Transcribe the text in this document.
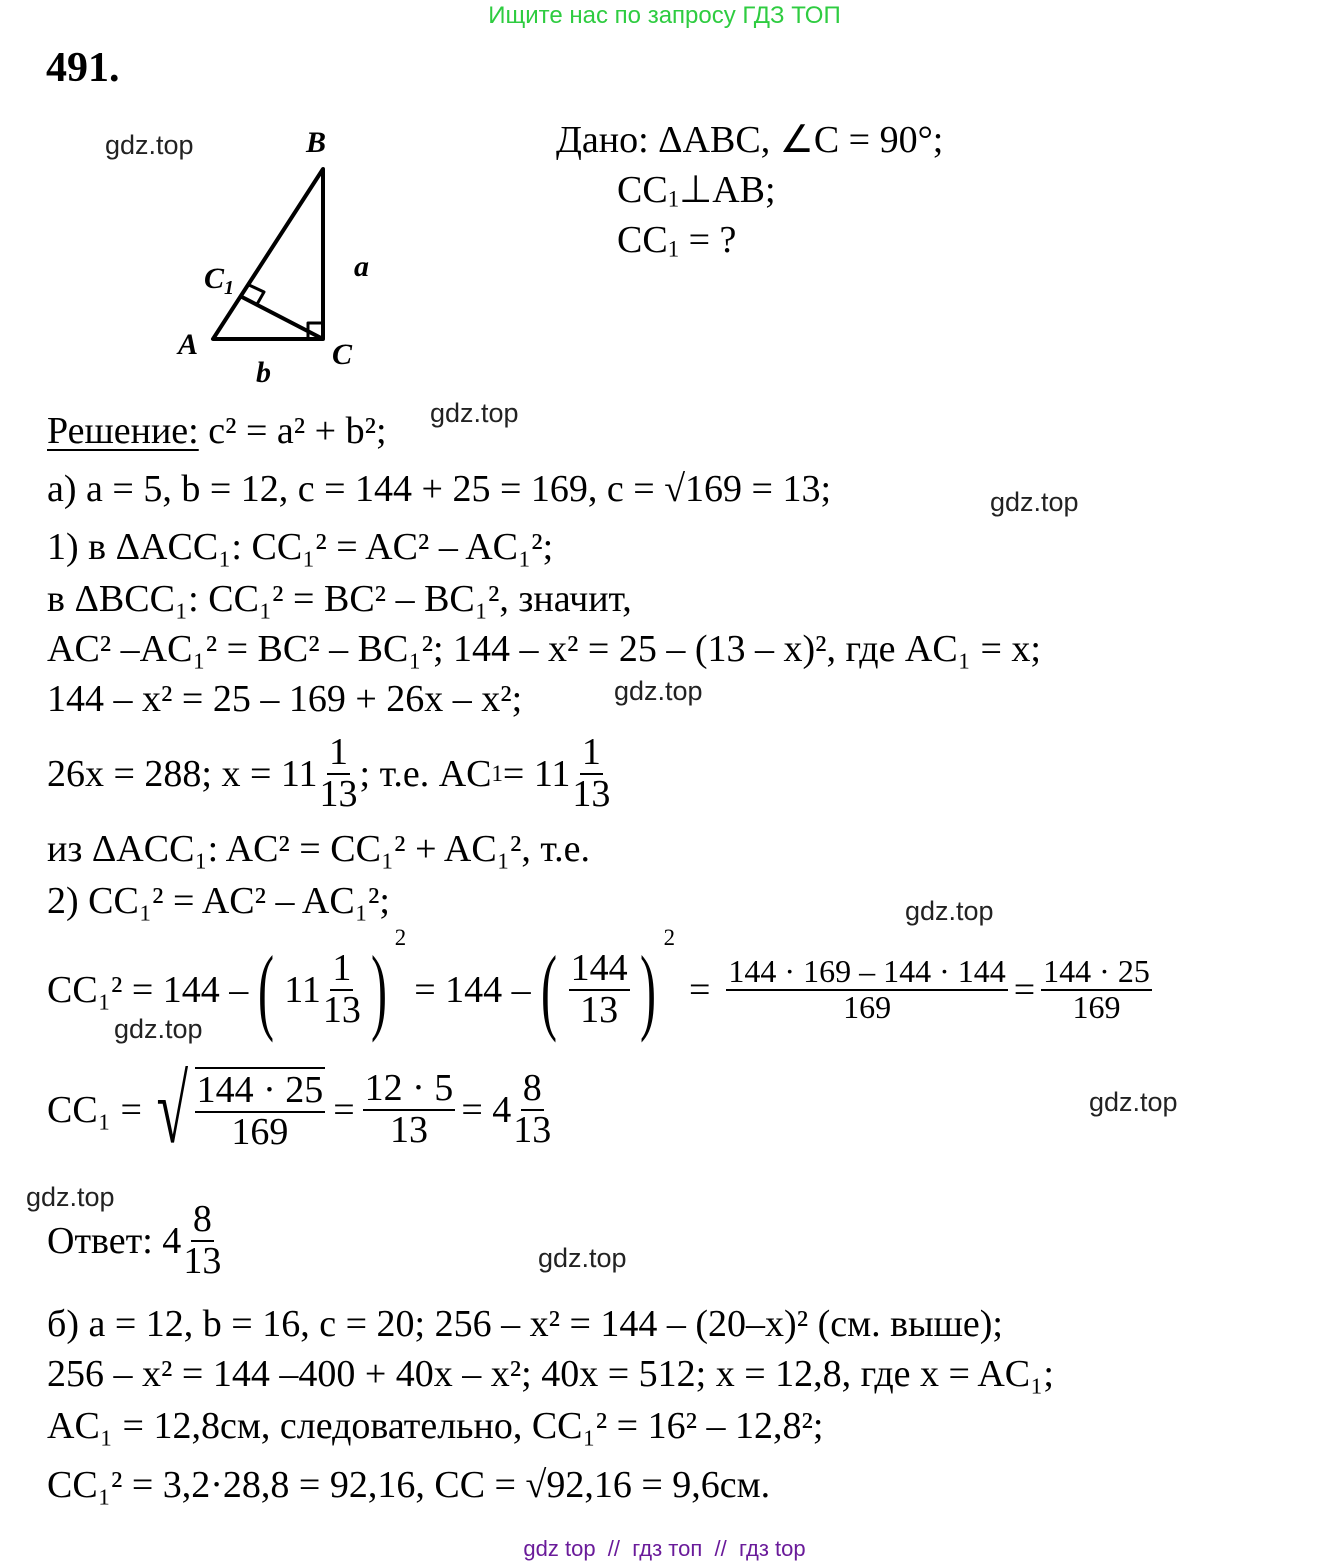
Ищите нас по запросу ГДЗ ТОП
491.
gdz.top
gdz.top
gdz.top
gdz.top
gdz.top
gdz.top
gdz.top
gdz.top
gdz.top
B
$C_1$
a
A	C
b
Дано: ΔABC, ∠C = 90°;
$CC_1\perp AB$;
$CC_1$ = ?
Решение: c² = a² + b²;
а) a = 5, b = 12, c = 144 + 25 = 169, c = √169 = 13;
1) в ΔACC₁: CC₁² = AC² – AC₁²;
в ΔBCC₁: CC₁² = BC² – BC₁², значит,
AC² –AC₁² = BC² – BC₁²; 144 – x² = 25 – (13 – x)², где AC₁ = x;
144 – x² = 25 – 169 + 26x – x²;
26x = 288; $x = 11 \frac{1}{13}$ ; т.е. AC $1 = 11 \frac{1}{13}$
из ΔACC₁: AC² = CC₁² + AC₁², т.е.
2) CC₁² = AC² – AC₁²;
CC₁² = 144 – ( $11 \frac{1}{13}$ ) 2
= 144 – ( $\frac{144}{13}$ ) 2
= $\frac{144 \cdot 169 - 144 \cdot 144}{169} = \frac{144 \cdot 25}{169}$
CC₁ = √ $\frac{144 \cdot 25}{169} = \frac{12 \cdot 5}{13} = 4 \frac{8}{13}$
Ответ: $4 \frac{8}{13}$
б) a = 12, b = 16, c = 20; 256 – x² = 144 – (20–x)² (см. выше);
256 – x² = 144 –400 + 40x – x²; 40x = 512; x = 12,8, где x = AC₁;
AC₁ = 12,8см, следовательно, CC₁² = 16² – 12,8²;
CC₁² = 3,2·28,8 = 92,16, CC = √92,16 = 9,6см.
gdz top  //  гдз топ  //  гдз top
